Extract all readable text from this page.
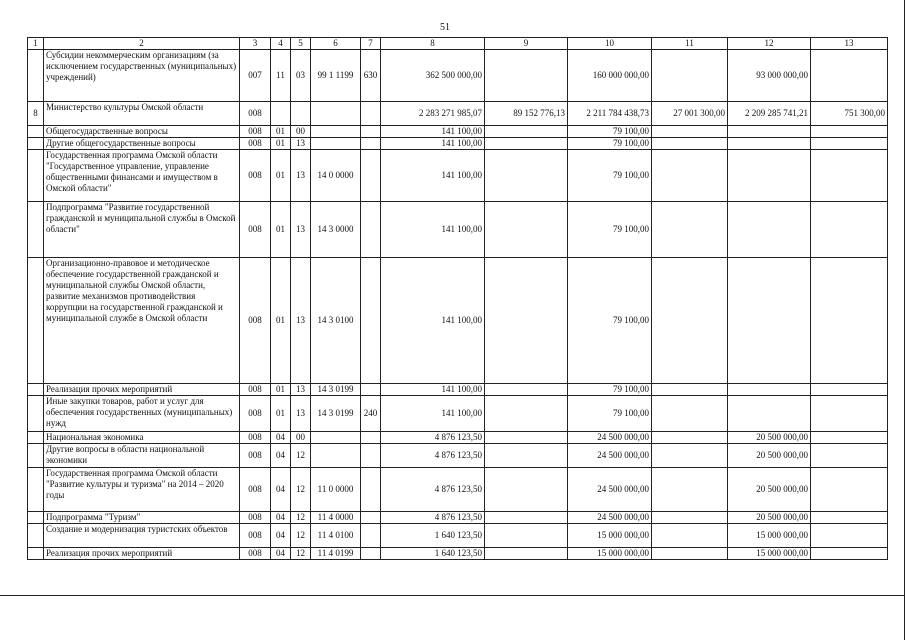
51
1	2	3	4	5	6	7	8	9	10	11	12	13
	Субсидии некоммерческим организациям (за исключением государственных (муниципальных) учреждений)	007	11	03	99 1 1199	630	362 500 000,00		160 000 000,00		93 000 000,00	
8	Министерство культуры Омской области	008					2 283 271 985,07	89 152 776,13	2 211 784 438,73	27 001 300,00	2 209 285 741,21	751 300,00
	Общегосударственные вопросы	008	01	00			141 100,00		79 100,00			
	Другие общегосударственные вопросы	008	01	13			141 100,00		79 100,00			
	Государственная программа Омской области "Государственное управление, управление общественными финансами и имуществом в Омской области"	008	01	13	14 0 0000		141 100,00		79 100,00			
	Подпрограмма "Развитие государственной гражданской и муниципальной службы в Омской области"	008	01	13	14 3 0000		141 100,00		79 100,00			
	Организационно-правовое и методическое обеспечение государственной гражданской и муниципальной службы Омской области, развитие механизмов противодействия коррупции на государственной гражданской и муниципальной службе в Омской области	008	01	13	14 3 0100		141 100,00		79 100,00			
	Реализация прочих мероприятий	008	01	13	14 3 0199		141 100,00		79 100,00			
	Иные закупки товаров, работ и услуг для обеспечения государственных (муниципальных) нужд	008	01	13	14 3 0199	240	141 100,00		79 100,00			
	Национальная экономика	008	04	00			4 876 123,50		24 500 000,00		20 500 000,00	
	Другие вопросы в области национальной экономики	008	04	12			4 876 123,50		24 500 000,00		20 500 000,00	
	Государственная программа Омской области "Развитие культуры и туризма" на 2014 – 2020 годы	008	04	12	11 0 0000		4 876 123,50		24 500 000,00		20 500 000,00	
	Подпрограмма "Туризм"	008	04	12	11 4 0000		4 876 123,50		24 500 000,00		20 500 000,00	
	Создание и модернизация туристских объектов	008	04	12	11 4 0100		1 640 123,50		15 000 000,00		15 000 000,00	
	Реализация прочих мероприятий	008	04	12	11 4 0199		1 640 123,50		15 000 000,00		15 000 000,00	
